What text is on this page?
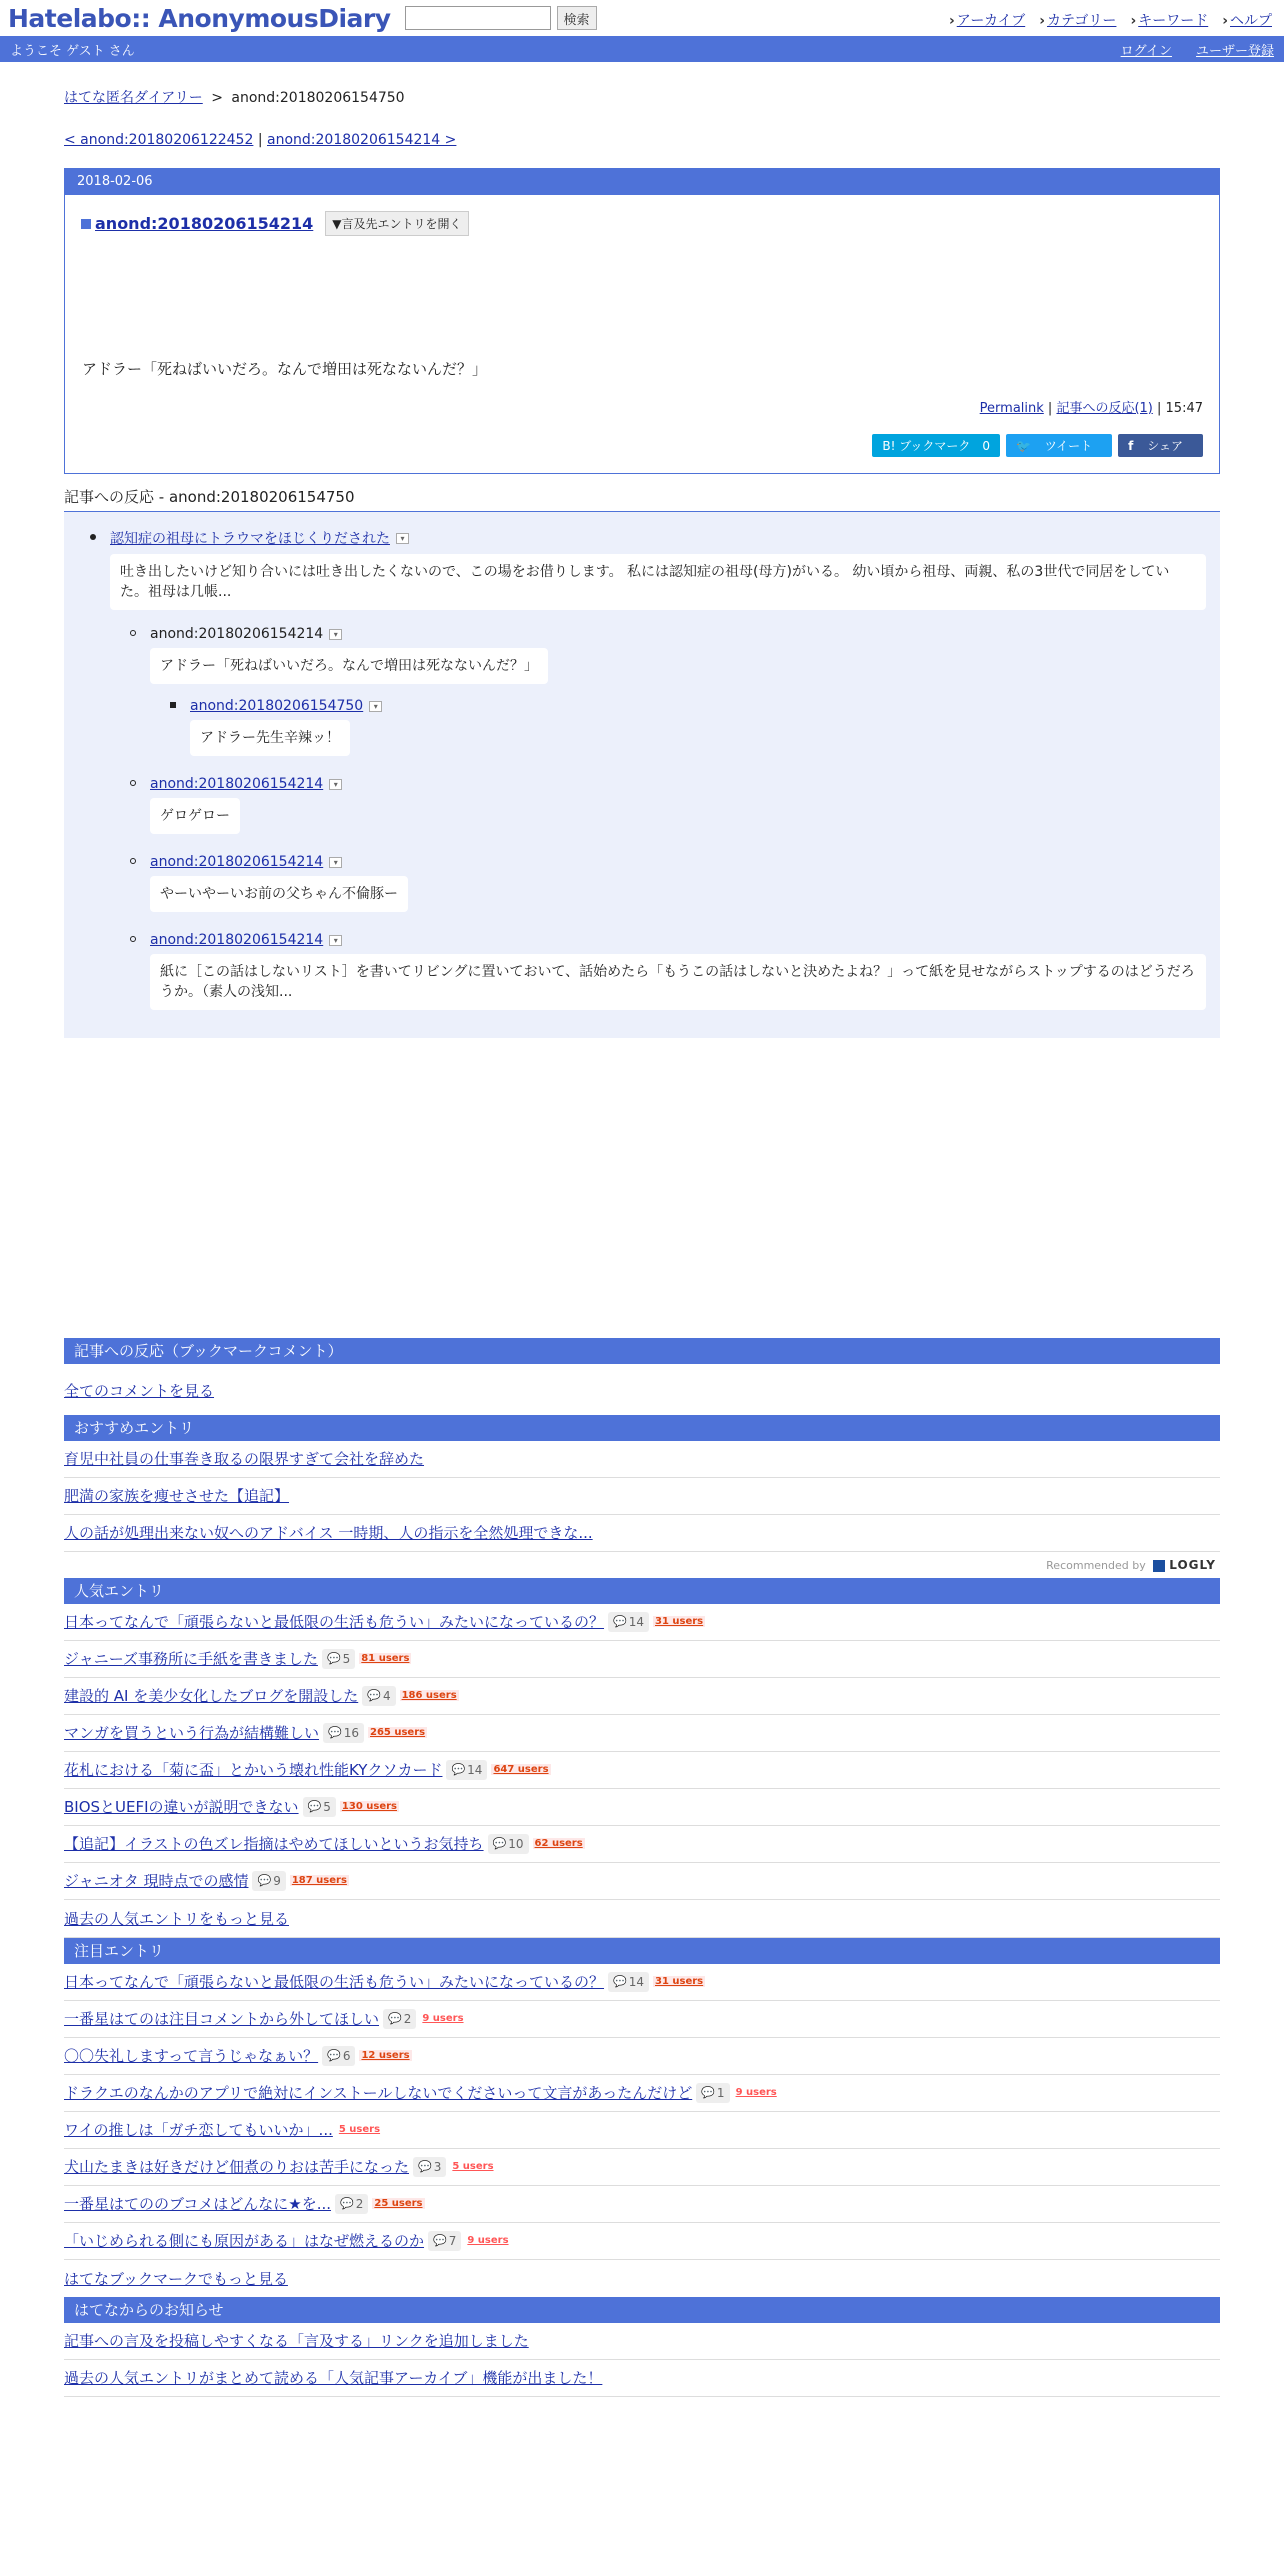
Hatelabo:: AnonymousDiary	検索	› アーカイブ	› カテゴリー	› キーワード	› ヘルプ
ようこそ ゲスト さん	ログイン ユーザー登録
はてな匿名ダイアリー > anond:20180206154750
< anond:20180206122452 | anond:20180206154214 >
2018-02-06
anond:20180206154214	▼言及先エントリを開く
アドラー「死ねばいいだろ。なんで増田は死なないんだ？」
Permalink | 記事への反応(1) | 15:47
B! ブックマーク　0	🐦 ツイート	f シェア
記事への反応 - anond:20180206154750
認知症の祖母にトラウマをほじくりだされた	▾
吐き出したいけど知り合いには吐き出したくないので、この場をお借りします。 私には認知症の祖母(母方)がいる。 幼い頃から祖母、両親、私の3世代で同居をしていた。祖母は几帳...
anond:20180206154214	▾

アドラー「死ねばいいだろ。なんで増田は死なないんだ？」
anond:20180206154750	▾

アドラー先生辛辣ッ！
anond:20180206154214	▾

ゲロゲロー
anond:20180206154214	▾

やーいやーいお前の父ちゃん不倫豚ー
anond:20180206154214	▾
紙に［この話はしないリスト］を書いてリビングに置いておいて、話始めたら「もうこの話はしないと決めたよね？」って紙を見せながらストップするのはどうだろうか。（素人の浅知...
記事への反応（ブックマークコメント）
全てのコメントを見る
おすすめエントリ
育児中社員の仕事巻き取るの限界すぎて会社を辞めた
肥満の家族を痩せさせた【追記】
人の話が処理出来ない奴へのアドバイス 一時期、人の指示を全然処理できな...
Recommended by LOGLY
人気エントリ
日本ってなんで「頑張らないと最低限の生活も危うい」みたいになっているの？ 💬 14 31 users
ジャニーズ事務所に手紙を書きました 💬 5 81 users
建設的 AI を美少女化したブログを開設した 💬 4 186 users
マンガを買うという行為が結構難しい 💬 16 265 users
花札における「菊に盃」とかいう壊れ性能KYクソカード 💬 14 647 users
BIOSとUEFIの違いが説明できない 💬 5 130 users
【追記】イラストの色ズレ指摘はやめてほしいというお気持ち 💬 10 62 users
ジャニオタ 現時点での感情 💬 9 187 users
過去の人気エントリをもっと見る
注目エントリ
日本ってなんで「頑張らないと最低限の生活も危うい」みたいになっているの？ 💬 14 31 users
一番星はてのは注目コメントから外してほしい 💬 2 9 users
〇〇失礼しますって言うじゃなぁい？ 💬 6 12 users
ドラクエのなんかのアプリで絶対にインストールしないでくださいって文言があったんだけど 💬 1 9 users
ワイの推しは「ガチ恋してもいいか」... 5 users
犬山たまきは好きだけど佃煮のりおは苦手になった 💬 3 5 users
一番星はてののブコメはどんなに★を... 💬 2 25 users
「いじめられる側にも原因がある」はなぜ燃えるのか 💬 7 9 users
はてなブックマークでもっと見る
はてなからのお知らせ
記事への言及を投稿しやすくなる「言及する」リンクを追加しました
過去の人気エントリがまとめて読める「人気記事アーカイブ」機能が出ました！
